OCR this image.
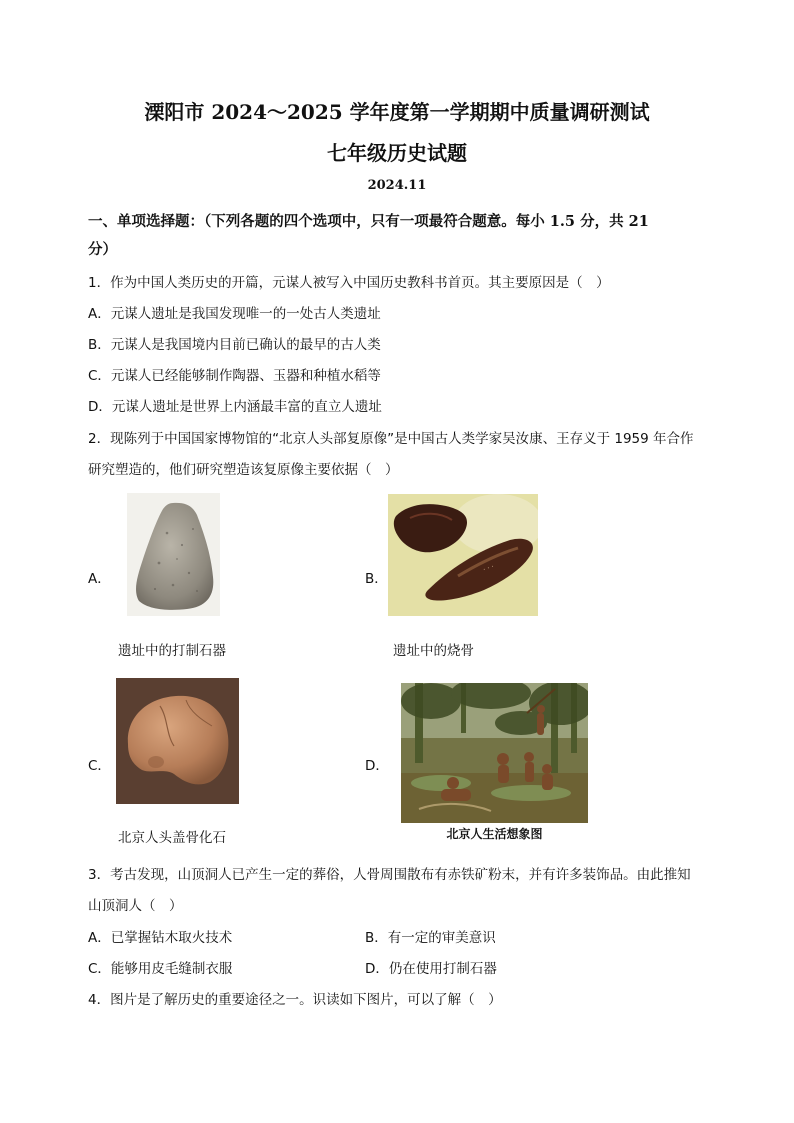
溧阳市 2024～2025 学年度第一学期期中质量调研测试
七年级历史试题
2024.11
一、单项选择题：（下列各题的四个选项中，只有一项最符合题意。每小 1.5 分，共 21
分）
1．作为中国人类历史的开篇，元谋人被写入中国历史教科书首页。其主要原因是（　）
A．元谋人遗址是我国发现唯一的一处古人类遗址
B．元谋人是我国境内目前已确认的最早的古人类
C．元谋人已经能够制作陶器、玉器和种植水稻等
D．元谋人遗址是世界上内涵最丰富的直立人遗址
2．现陈列于中国国家博物馆的“北京人头部复原像”是中国古人类学家吴汝康、王存义于 1959 年合作
研究塑造的，他们研究塑造该复原像主要依据（　）
A．
遗址中的打制石器
B．
· · ·
遗址中的烧骨
C．
北京人头盖骨化石
D．
北京人生活想象图
3．考古发现，山顶洞人已产生一定的葬俗，人骨周围散布有赤铁矿粉末，并有许多装饰品。由此推知
山顶洞人（　）
A．已掌握钻木取火技术	B．有一定的审美意识
C．能够用皮毛缝制衣服	D．仍在使用打制石器
4．图片是了解历史的重要途径之一。识读如下图片，可以了解（　）
